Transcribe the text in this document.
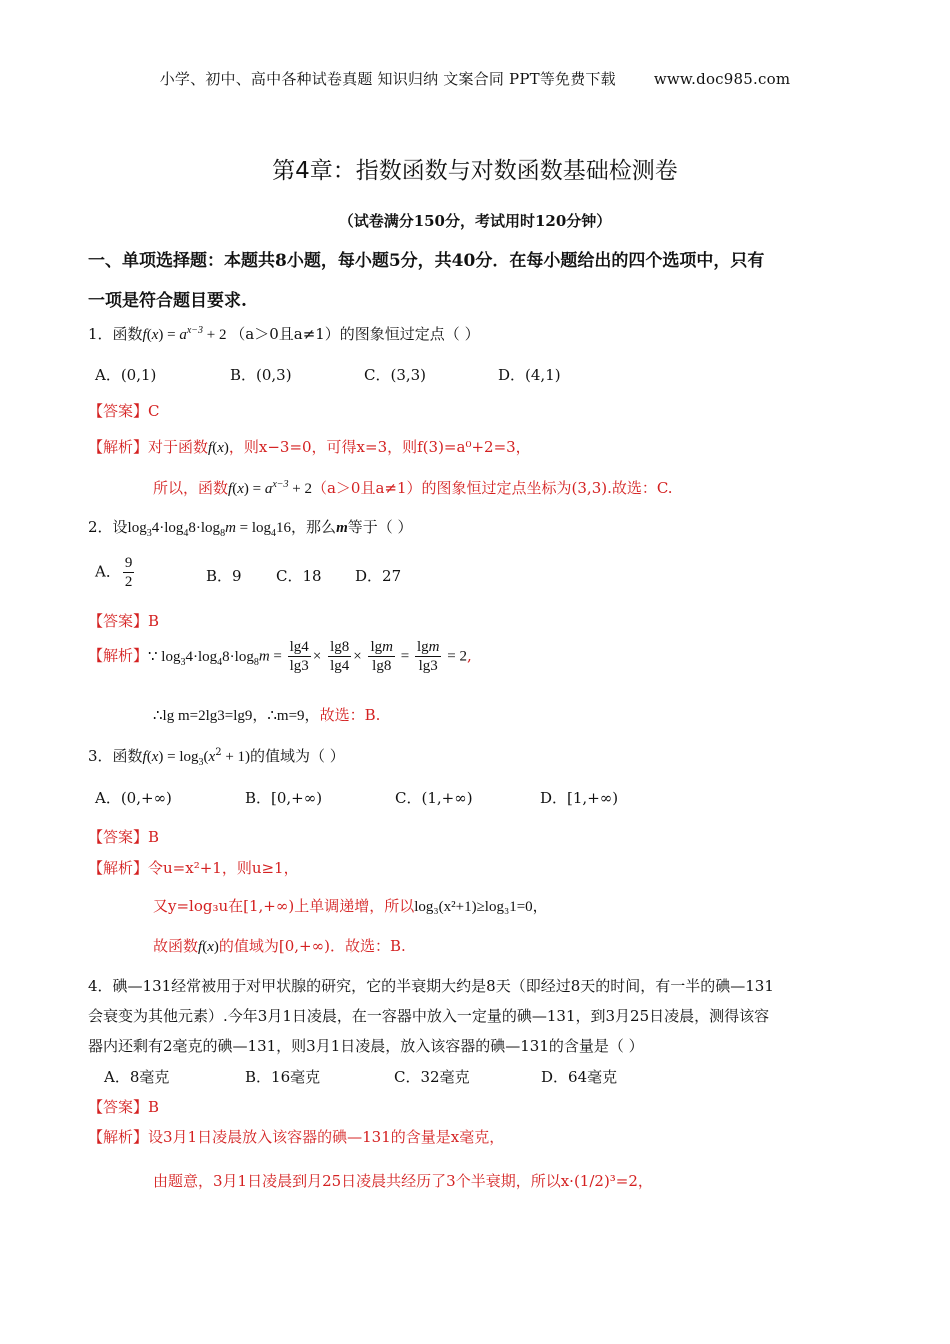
小学、初中、高中各种试卷真题 知识归纳 文案合同 PPT等免费下载	www.doc985.com
第4章：指数函数与对数函数基础检测卷
（试卷满分150分，考试用时120分钟）
一、单项选择题：本题共8小题，每小题5分，共40分．在每小题给出的四个选项中，只有
一项是符合题目要求.
1．函数$f(x) = a^{x-3} + 2$ （a＞0且a≠1）的图象恒过定点（ ）
A．(0,1)	B．(0,3)	C．(3,3)	D．(4,1)
【答案】C
【解析】对于函数f(x)，则x−3=0，可得x=3，则f(3)=a⁰+2=3，
所以，函数$f(x) = a^{x-3} + 2(a>0$且a≠1）的图象恒过定点坐标为(3,3).故选：C.
2．设$\log_34\cdot\log_48\cdot\log_8m = \log_416$，那么m等于（ ）
A． $\frac{9}{2}$	B．9 C．18 D．27
【答案】B
【解析】∵ $\log_34\cdot\log_48\cdot\log_8m = \frac{\lg 4}{\lg 3} \times \frac{\lg 8}{\lg 4} \times \frac{\lg m}{\lg 8} = \frac{\lg m}{\lg 3} = 2$,
∴lg m=2lg3=lg9，∴m=9，故选：B.
3．函数$f(x) = \log_3(x^2 + 1)$的值域为（ ）
A．(0,+∞)	B．[0,+∞)	C．(1,+∞)	D．[1,+∞)
【答案】B
【解析】令u=x²+1，则u≥1，
又y=log₃u在[1,+∞)上单调递增，所以log₃(x²+1)≥log₃1=0，
故函数f(x)的值域为[0,+∞)．故选：B.
4．碘—131经常被用于对甲状腺的研究，它的半衰期大约是8天（即经过8天的时间，有一半的碘—131
会衰变为其他元素）.今年3月1日凌晨，在一容器中放入一定量的碘—131，到3月25日凌晨，测得该容
器内还剩有2毫克的碘—131，则3月1日凌晨，放入该容器的碘—131的含量是（ ）
A．8毫克	B．16毫克	C．32毫克	D．64毫克
【答案】B
【解析】设3月1日凌晨放入该容器的碘—131的含量是x毫克，
由题意，3月1日凌晨到月25日凌晨共经历了3个半衰期，所以x·(1/2)³=2，
